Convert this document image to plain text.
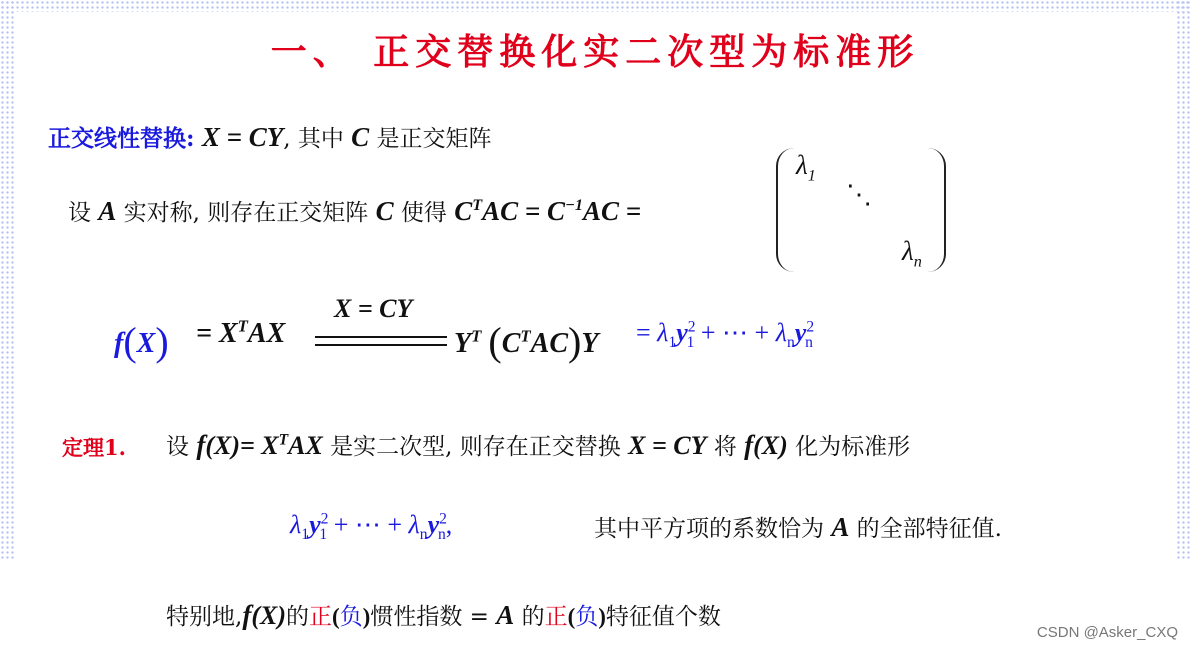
一、 正交替换化实二次型为标准形
正交线性替换: X = CY, 其中 C 是正交矩阵
设 A 实对称, 则存在正交矩阵 C 使得 $C^TAC = C^{-1}AC$ =
$\lambda_1$
⋱
$\lambda_n$
$f(X) = X^TAX$
X = CY
$Y^T$ $(C^TAC)Y = \lambda_1y^2_1$ + ⋯ + $\lambda_ny^2_n$
定理1. 设 $f(X)= X^TAX$ 是实二次型, 则存在正交替换 X = CY 将 f(X) 化为标准形
$\lambda_1y^2_1$ + ⋯ + $\lambda_ny^2_n$,	其中平方项的系数恰为 A 的全部特征值.
特别地,f(X)的正(负)惯性指数 = A 的正(负)特征值个数
CSDN @Asker_CXQ
